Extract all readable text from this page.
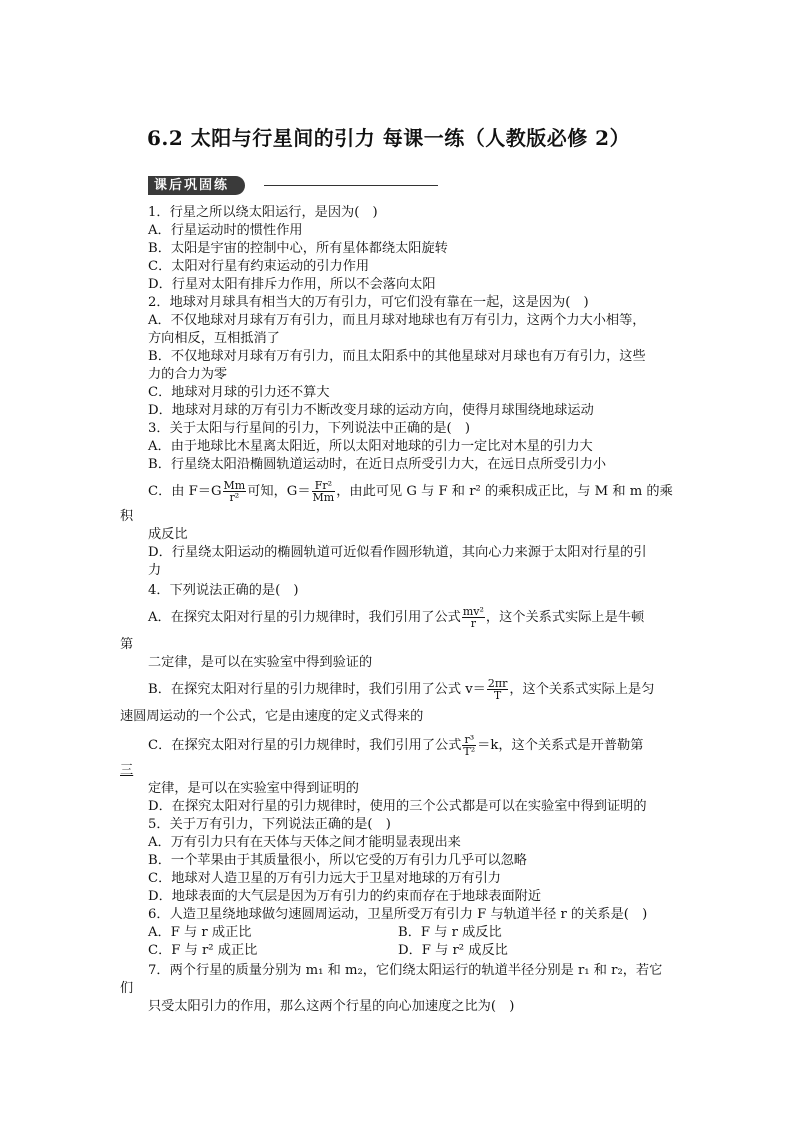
6.2 太阳与行星间的引力 每课一练（人教版必修 2）
课后巩固练
1．行星之所以绕太阳运行，是因为(　)
A．行星运动时的惯性作用
B．太阳是宇宙的控制中心，所有星体都绕太阳旋转
C．太阳对行星有约束运动的引力作用
D．行星对太阳有排斥力作用，所以不会落向太阳
2．地球对月球具有相当大的万有引力，可它们没有靠在一起，这是因为(　)
A．不仅地球对月球有万有引力，而且月球对地球也有万有引力，这两个力大小相等，
方向相反，互相抵消了
B．不仅地球对月球有万有引力，而且太阳系中的其他星球对月球也有万有引力，这些
力的合力为零
C．地球对月球的引力还不算大
D．地球对月球的万有引力不断改变月球的运动方向，使得月球围绕地球运动
3．关于太阳与行星间的引力，下列说法中正确的是(　)
A．由于地球比木星离太阳近，所以太阳对地球的引力一定比对木星的引力大
B．行星绕太阳沿椭圆轨道运动时，在近日点所受引力大，在远日点所受引力小
C．由 $F=G \frac{Mm}{\text{r²}}$ 可知，$G= \frac{\text{Fr²}}{Mm}$ ，由此可见 G 与 F 和 r² 的乘积成正比，与 M 和 m 的乘
积
成反比
D．行星绕太阳运动的椭圆轨道可近似看作圆形轨道，其向心力来源于太阳对行星的引
力
4．下列说法正确的是(　)
A．在探究太阳对行星的引力规律时，我们引用了公式 $\frac{\text{mv²}}{r}$ ，这个关系式实际上是牛顿
第
二定律，是可以在实验室中得到验证的
B．在探究太阳对行星的引力规律时，我们引用了公式 $v= \frac{2\pi r}{T}$ ，这个关系式实际上是匀
速圆周运动的一个公式，它是由速度的定义式得来的
C．在探究太阳对行星的引力规律时，我们引用了公式 $\frac{\text{r³}}{\text{T²}} =k$，这个关系式是开普勒第
三
定律，是可以在实验室中得到证明的
D．在探究太阳对行星的引力规律时，使用的三个公式都是可以在实验室中得到证明的
5．关于万有引力，下列说法正确的是(　)
A．万有引力只有在天体与天体之间才能明显表现出来
B．一个苹果由于其质量很小，所以它受的万有引力几乎可以忽略
C．地球对人造卫星的万有引力远大于卫星对地球的万有引力
D．地球表面的大气层是因为万有引力的约束而存在于地球表面附近
6．人造卫星绕地球做匀速圆周运动，卫星所受万有引力 F 与轨道半径 r 的关系是(　)
A．F 与 r 成正比	B．F 与 r 成反比
C．F 与 r² 成正比	D．F 与 r² 成反比
7．两个行星的质量分别为 m₁ 和 m₂，它们绕太阳运行的轨道半径分别是 r₁ 和 r₂，若它
们
只受太阳引力的作用，那么这两个行星的向心加速度之比为(　)
